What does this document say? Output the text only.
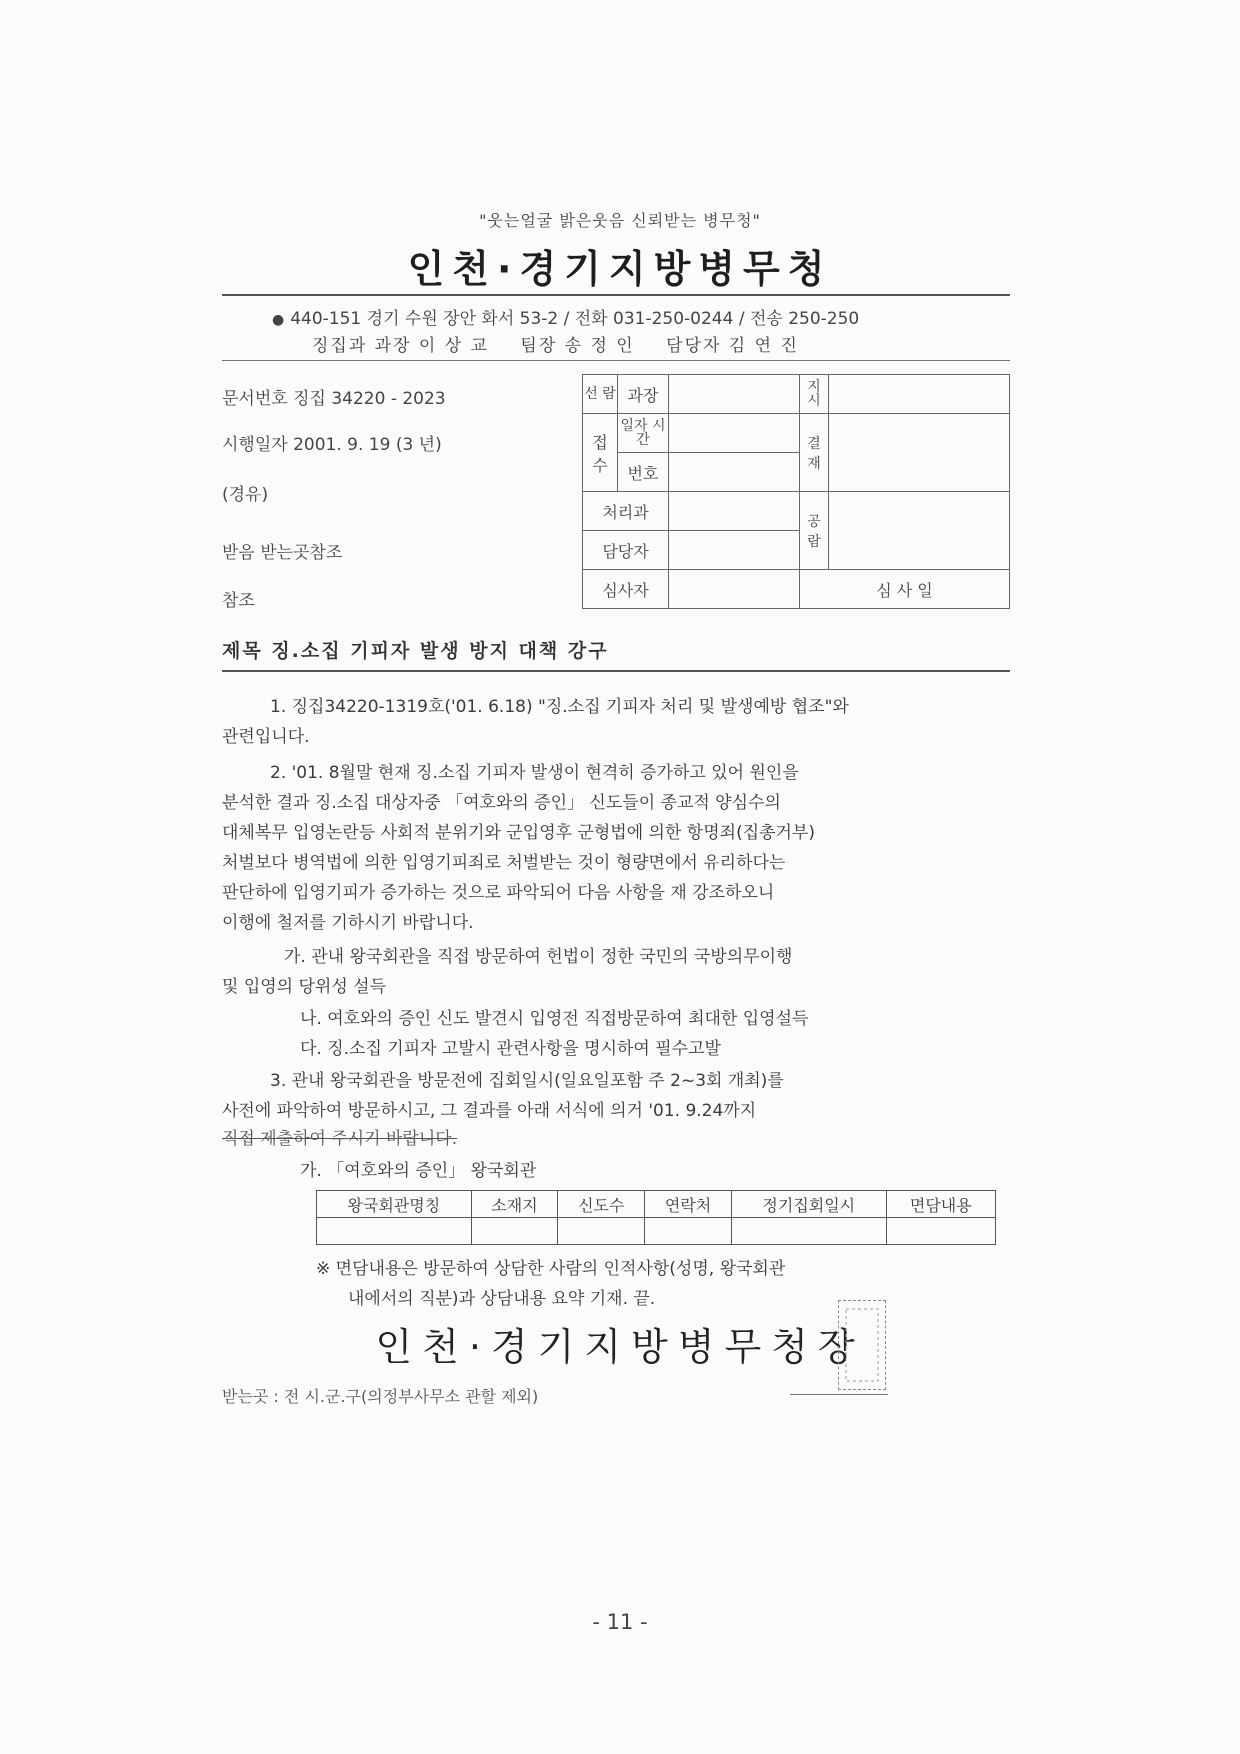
"웃는얼굴 밝은웃음 신뢰받는 병무청"
인천·경기지방병무청
● 440-151 경기 수원 장안 화서 53-2 / 전화 031-250-0244 / 전송 250-250
징집과 과장 이 상 교 팀장 송 정 인 담당자 김 연 진
문서번호 징집 34220 - 2023
시행일자 2001. 9. 19 (3 년)
(경유)
받음 받는곳참조
참조
선 람	과장		지 시	
접 수	일자 시간		결 재	
	번호			
처리과			공 람	
담당자				
심사자			심 사 일	
제목 징.소집 기피자 발생 방지 대책 강구
1. 징집34220-1319호('01. 6.18) "징.소집 기피자 처리 및 발생예방 협조"와
관련입니다.
2. '01. 8월말 현재 징.소집 기피자 발생이 현격히 증가하고 있어 원인을
분석한 결과 징.소집 대상자중 「여호와의 증인」 신도들이 종교적 양심수의
대체복무 입영논란등 사회적 분위기와 군입영후 군형법에 의한 항명죄(집총거부)
처벌보다 병역법에 의한 입영기피죄로 처벌받는 것이 형량면에서 유리하다는
판단하에 입영기피가 증가하는 것으로 파악되어 다음 사항을 재 강조하오니
이행에 철저를 기하시기 바랍니다.
가. 관내 왕국회관을 직접 방문하여 헌법이 정한 국민의 국방의무이행
및 입영의 당위성 설득
나. 여호와의 증인 신도 발견시 입영전 직접방문하여 최대한 입영설득
다. 징.소집 기피자 고발시 관련사항을 명시하여 필수고발
3. 관내 왕국회관을 방문전에 집회일시(일요일포함 주 2~3회 개최)를
사전에 파악하여 방문하시고, 그 결과를 아래 서식에 의거 '01. 9.24까지
직접 제출하여 주시기 바랍니다.
가. 「여호와의 증인」 왕국회관
왕국회관명칭	소재지	신도수	연락처	정기집회일시	면담내용

※ 면담내용은 방문하여 상담한 사람의 인적사항(성명, 왕국회관
내에서의 직분)과 상담내용 요약 기재. 끝.
인천·경기지방병무청장
받는곳 : 전 시.군.구(의정부사무소 관할 제외)
- 11 -
